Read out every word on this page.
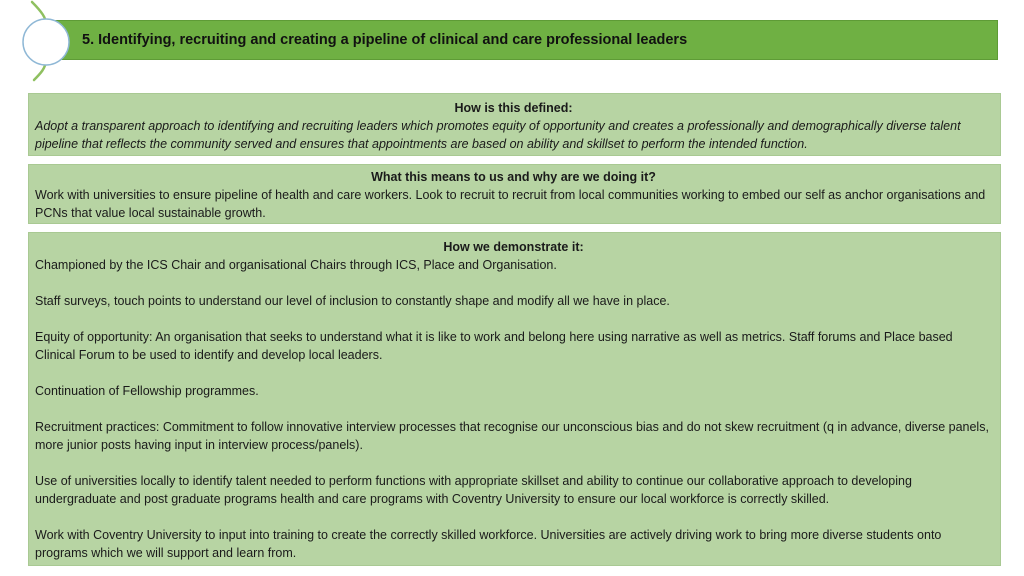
5. Identifying, recruiting and creating a pipeline of clinical and care professional leaders
How is this defined:
Adopt a transparent approach to identifying and recruiting leaders which promotes equity of opportunity and creates a professionally and demographically diverse talent pipeline that reflects the community served and ensures that appointments are based on ability and skillset to perform the intended function.
What this means to us and why are we doing it?
Work with universities to ensure pipeline of health and care workers. Look to recruit to recruit from local communities working to embed our self as anchor organisations and PCNs that value local sustainable growth.
How we demonstrate it:

Championed by the ICS Chair and organisational Chairs through ICS, Place and Organisation.

Staff surveys, touch points to understand our level of inclusion to constantly shape and modify all we have in place.

Equity of opportunity: An organisation that seeks to understand what it is like to work and belong here using narrative as well as metrics. Staff forums and Place based Clinical Forum to be used to identify and develop local leaders.

Continuation of Fellowship programmes.

Recruitment practices: Commitment to follow innovative interview processes that recognise our unconscious bias and do not skew recruitment (q in advance, diverse panels, more junior posts having input in interview process/panels).

Use of universities locally to identify talent needed to perform functions with appropriate skillset and ability to continue our collaborative approach to developing undergraduate and post graduate programs health and care programs with Coventry University to ensure our local workforce is correctly skilled.

Work with Coventry University to input into training to create the correctly skilled workforce. Universities are actively driving work to bring more diverse students onto programs which we will support and learn from.
